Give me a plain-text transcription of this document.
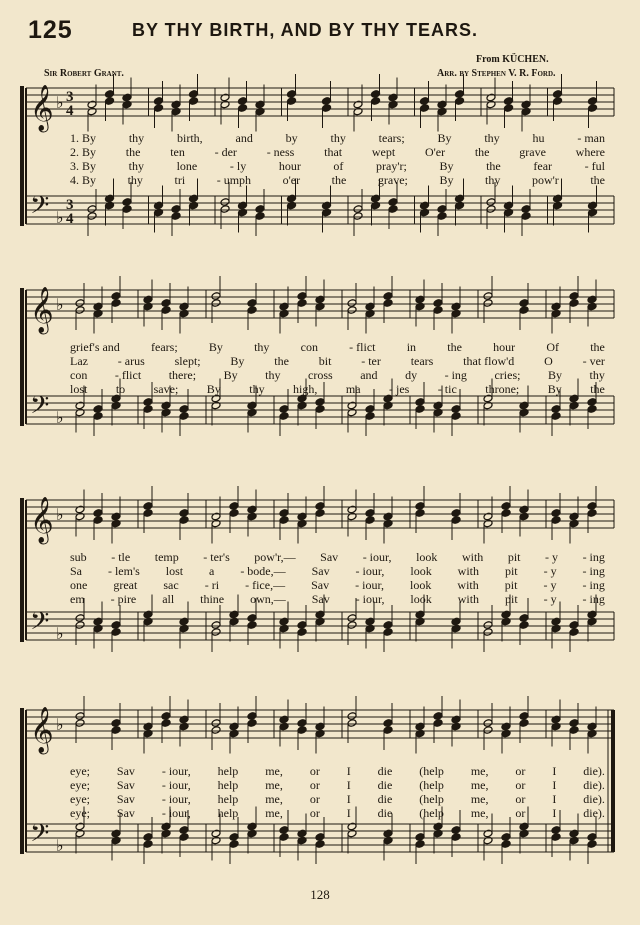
125	BY THY BIRTH, AND BY THY TEARS.
From KÜCHEN.
Sir Robert Grant.	Arr. by Stephen V. R. Ford.
𝄞
𝄢
♭
♭
3
3
4
4
1. By	thy	birth,	and	by	thy	tears;	By	thy	hu	- man
2. By the ten - der - ness that wept O'er the grave where
3. By	thy	lone	- ly	hour	of	pray'r;	By	the	fear	- ful
4. By	thy	tri	- umph	o'er	the	grave;	By	thy	pow'r	the
𝄞
𝄢
♭
♭
grief's and	fears;	By	thy	con	- flict	in	the	hour	Of	the
Laz - arus slept; By the bit - ter tears that flow'd O - ver
con - flict there; By thy cross and dy - ing cries; By thy
lost to save; By thy high, ma - jes - tic throne; By the
𝄞
𝄢
♭
♭
sub - tle temp - ter's pow'r,— Sav - iour, look with pit - y - ing
Sa - lem's lost a - bode,— Sav - iour, look with pit - y - ing
one great sac - ri - fice,— Sav - iour, look with pit - y - ing
em - pire all thine own,— Sav - iour, look with pit - y - ing
𝄞
𝄢
♭
♭
eye; Sav - iour, help me, or I die (help me, or I die).
eye; Sav - iour, help me, or I die (help me, or I die).
eye; Sav - iour, help me, or I die (help me, or I die).
eye; Sav - iour, help me, or I die (help me, or I die).
128
